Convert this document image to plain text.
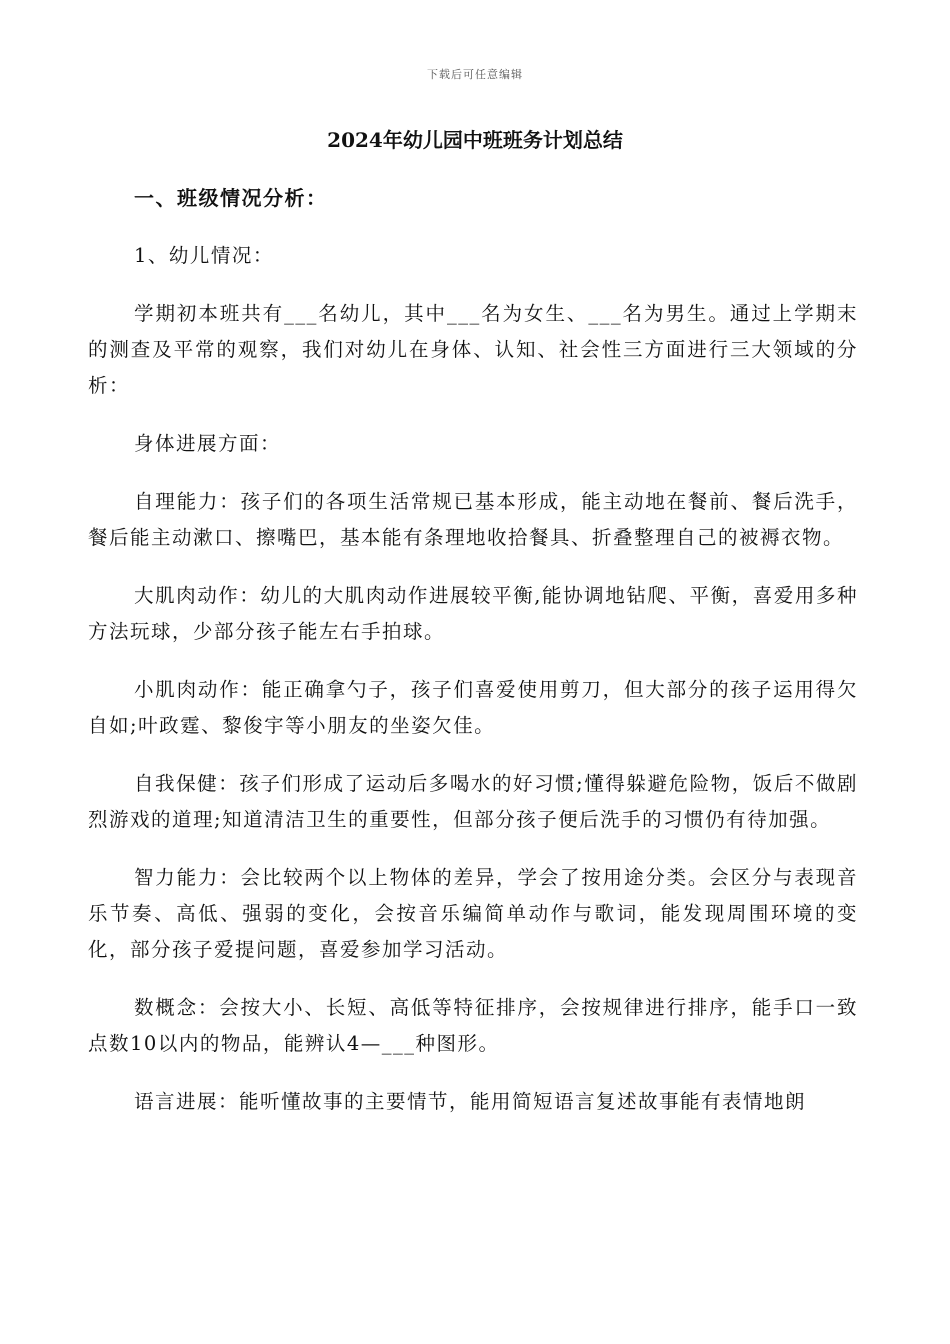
下载后可任意编辑
2024年幼儿园中班班务计划总结
一、班级情况分析：
1、幼儿情况：

学期初本班共有___名幼儿，其中___名为女生、___名为男生。通过上学期末的测查及平常的观察，我们对幼儿在身体、认知、社会性三方面进行三大领域的分析：

身体进展方面：

自理能力：孩子们的各项生活常规已基本形成，能主动地在餐前、餐后洗手，餐后能主动漱口、擦嘴巴，基本能有条理地收拾餐具、折叠整理自己的被褥衣物。

大肌肉动作：幼儿的大肌肉动作进展较平衡,能协调地钻爬、平衡，喜爱用多种方法玩球，少部分孩子能左右手拍球。

小肌肉动作：能正确拿勺子，孩子们喜爱使用剪刀，但大部分的孩子运用得欠自如;叶政霆、黎俊宇等小朋友的坐姿欠佳。

自我保健：孩子们形成了运动后多喝水的好习惯;懂得躲避危险物，饭后不做剧烈游戏的道理;知道清洁卫生的重要性，但部分孩子便后洗手的习惯仍有待加强。

智力能力：会比较两个以上物体的差异，学会了按用途分类。会区分与表现音乐节奏、高低、强弱的变化，会按音乐编简单动作与歌词，能发现周围环境的变化，部分孩子爱提问题，喜爱参加学习活动。

数概念：会按大小、长短、高低等特征排序，会按规律进行排序，能手口一致点数10以内的物品，能辨认4—___种图形。

语言进展：能听懂故事的主要情节，能用简短语言复述故事能有表情地朗
